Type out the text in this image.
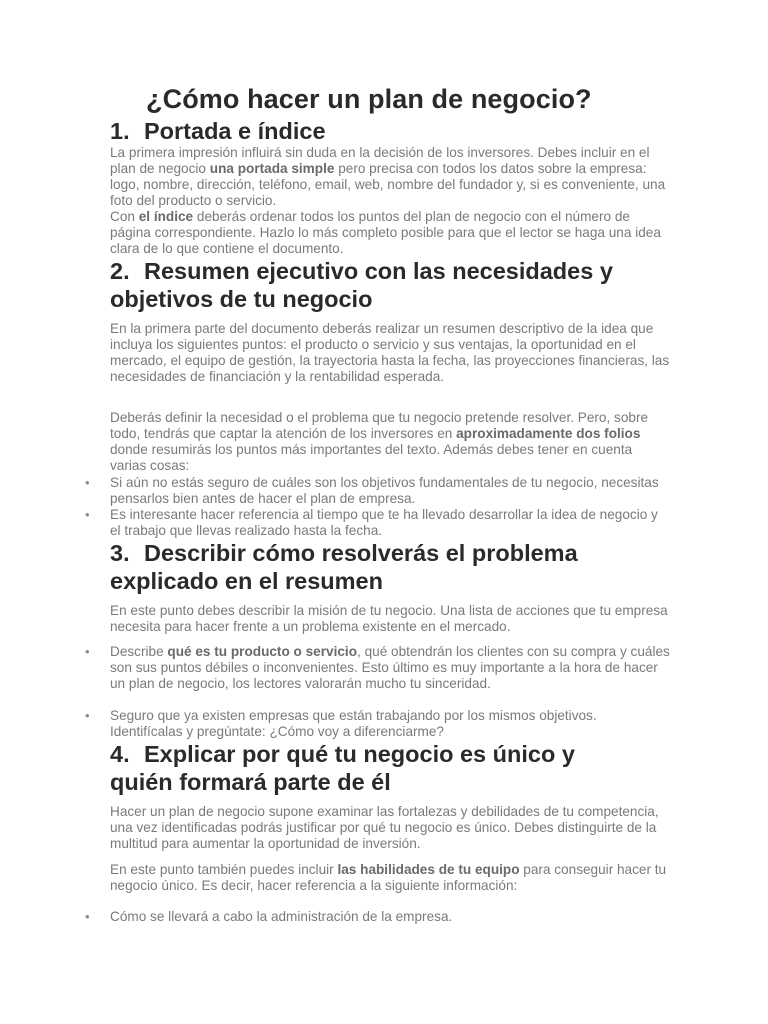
¿Cómo hacer un plan de negocio?
1. Portada e índice

La primera impresión influirá sin duda en la decisión de los inversores. Debes incluir en el plan de negocio una portada simple pero precisa con todos los datos sobre la empresa: logo, nombre, dirección, teléfono, email, web, nombre del fundador y, si es conveniente, una foto del producto o servicio.

Con el índice deberás ordenar todos los puntos del plan de negocio con el número de página correspondiente. Hazlo lo más completo posible para que el lector se haga una idea clara de lo que contiene el documento.

2. Resumen ejecutivo con las necesidades y
objetivos de tu negocio

En la primera parte del documento deberás realizar un resumen descriptivo de la idea que incluya los siguientes puntos: el producto o servicio y sus ventajas, la oportunidad en el mercado, el equipo de gestión, la trayectoria hasta la fecha, las proyecciones financieras, las necesidades de financiación y la rentabilidad esperada.

Deberás definir la necesidad o el problema que tu negocio pretende resolver. Pero, sobre todo, tendrás que captar la atención de los inversores en aproximadamente dos folios donde resumirás los puntos más importantes del texto. Además debes tener en cuenta varias cosas:

• Si aún no estás seguro de cuáles son los objetivos fundamentales de tu negocio, necesitas pensarlos bien antes de hacer el plan de empresa.
• Es interesante hacer referencia al tiempo que te ha llevado desarrollar la idea de negocio y el trabajo que llevas realizado hasta la fecha.
3. Describir cómo resolverás el problema
explicado en el resumen

En este punto debes describir la misión de tu negocio. Una lista de acciones que tu empresa necesita para hacer frente a un problema existente en el mercado.

• Describe qué es tu producto o servicio, qué obtendrán los clientes con su compra y cuáles son sus puntos débiles o inconvenientes. Esto último es muy importante a la hora de hacer un plan de negocio, los lectores valorarán mucho tu sinceridad.
• Seguro que ya existen empresas que están trabajando por los mismos objetivos. Identifícalas y pregúntate: ¿Cómo voy a diferenciarme?
4. Explicar por qué tu negocio es único y
quién formará parte de él

Hacer un plan de negocio supone examinar las fortalezas y debilidades de tu competencia, una vez identificadas podrás justificar por qué tu negocio es único. Debes distinguirte de la multitud para aumentar la oportunidad de inversión.

En este punto también puedes incluir las habilidades de tu equipo para conseguir hacer tu negocio único. Es decir, hacer referencia a la siguiente información:

• Cómo se llevará a cabo la administración de la empresa.
